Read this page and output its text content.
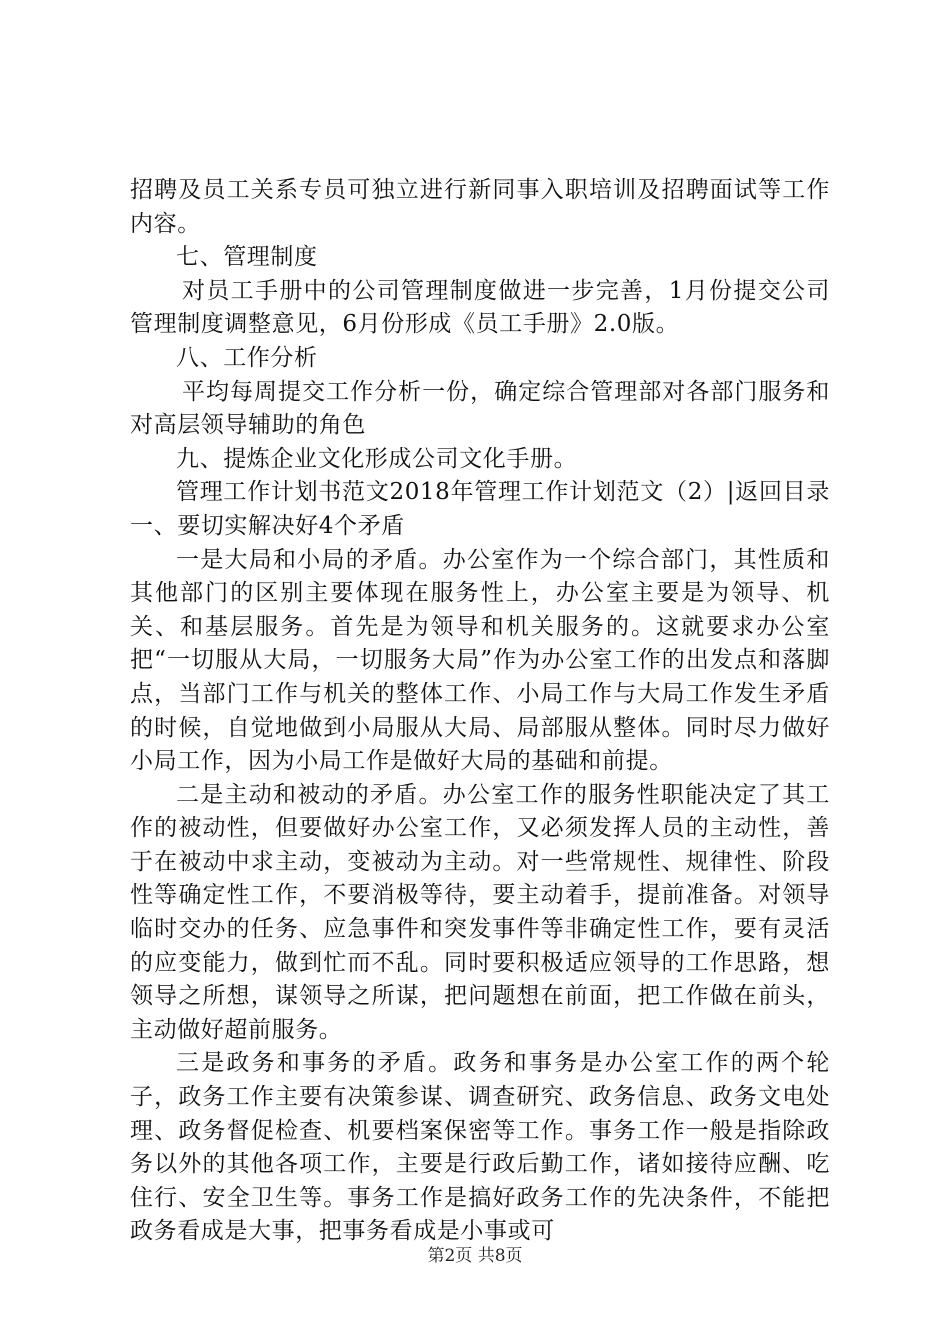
招聘及员工关系专员可独立进行新同事入职培训及招聘面试等工作内容。

七、管理制度

对员工手册中的公司管理制度做进一步完善，1月份提交公司管理制度调整意见，6月份形成《员工手册》2.0版。

八、工作分析

平均每周提交工作分析一份，确定综合管理部对各部门服务和对高层领导辅助的角色

九、提炼企业文化形成公司文化手册。

管理工作计划书范文2018年管理工作计划范文（2）|返回目录一、要切实解决好4个矛盾

一是大局和小局的矛盾。办公室作为一个综合部门，其性质和其他部门的区别主要体现在服务性上，办公室主要是为领导、机关、和基层服务。首先是为领导和机关服务的。这就要求办公室把“一切服从大局，一切服务大局”作为办公室工作的出发点和落脚点，当部门工作与机关的整体工作、小局工作与大局工作发生矛盾的时候，自觉地做到小局服从大局、局部服从整体。同时尽力做好小局工作，因为小局工作是做好大局的基础和前提。

二是主动和被动的矛盾。办公室工作的服务性职能决定了其工作的被动性，但要做好办公室工作，又必须发挥人员的主动性，善于在被动中求主动，变被动为主动。对一些常规性、规律性、阶段性等确定性工作，不要消极等待，要主动着手，提前准备。对领导临时交办的任务、应急事件和突发事件等非确定性工作，要有灵活的应变能力，做到忙而不乱。同时要积极适应领导的工作思路，想领导之所想，谋领导之所谋，把问题想在前面，把工作做在前头，主动做好超前服务。

三是政务和事务的矛盾。政务和事务是办公室工作的两个轮子，政务工作主要有决策参谋、调查研究、政务信息、政务文电处理、政务督促检查、机要档案保密等工作。事务工作一般是指除政务以外的其他各项工作，主要是行政后勤工作，诸如接待应酬、吃住行、安全卫生等。事务工作是搞好政务工作的先决条件，不能把政务看成是大事，把事务看成是小事或可

第2页 共8页
